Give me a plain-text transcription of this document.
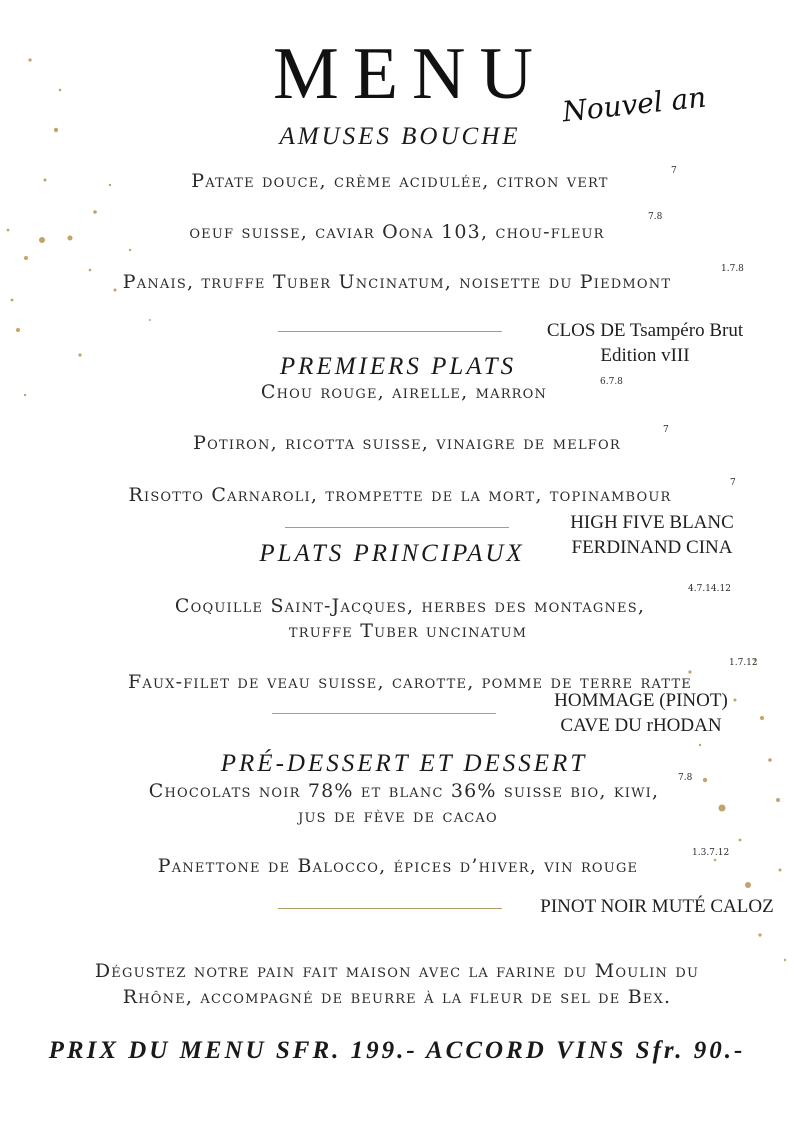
MENU Nouvel an
AMUSES BOUCHE
Patate douce, crème acidulée, citron vert	7
oeuf suisse, caviar Oona 103, chou-fleur
7.8
Panais, truffe Tuber Uncinatum, noisette du Piedmont
1.7.8
CLOS DE Tsampéro Brut
Edition vIII
PREMIERS PLATS
Chou rouge, airelle, marron	6.7.8
Potiron, ricotta suisse, vinaigre de melfor
7
Risotto Carnaroli, trompette de la mort, topinambour
7
HIGH FIVE BLANC
FERDINAND CINA
PLATS PRINCIPAUX
4.7.14.12
Coquille Saint-Jacques, herbes des montagnes,
truffe Tuber uncinatum
1.7.12
Faux-filet de veau suisse, carotte, pomme de terre ratte
HOMMAGE (PINOT)
CAVE DU rHODAN
PRÉ-DESSERT ET DESSERT
7.8
Chocolats noir 78% et blanc 36% suisse bio, kiwi,
jus de fève de cacao
1.3.7.12
Panettone de Balocco, épices d’hiver, vin rouge
PINOT NOIR MUTÉ CALOZ
Dégustez notre pain fait maison avec la farine du Moulin du
Rhône, accompagné de beurre à la fleur de sel de Bex.
PRIX DU MENU SFR. 199.- ACCORD VINS Sfr. 90.-
